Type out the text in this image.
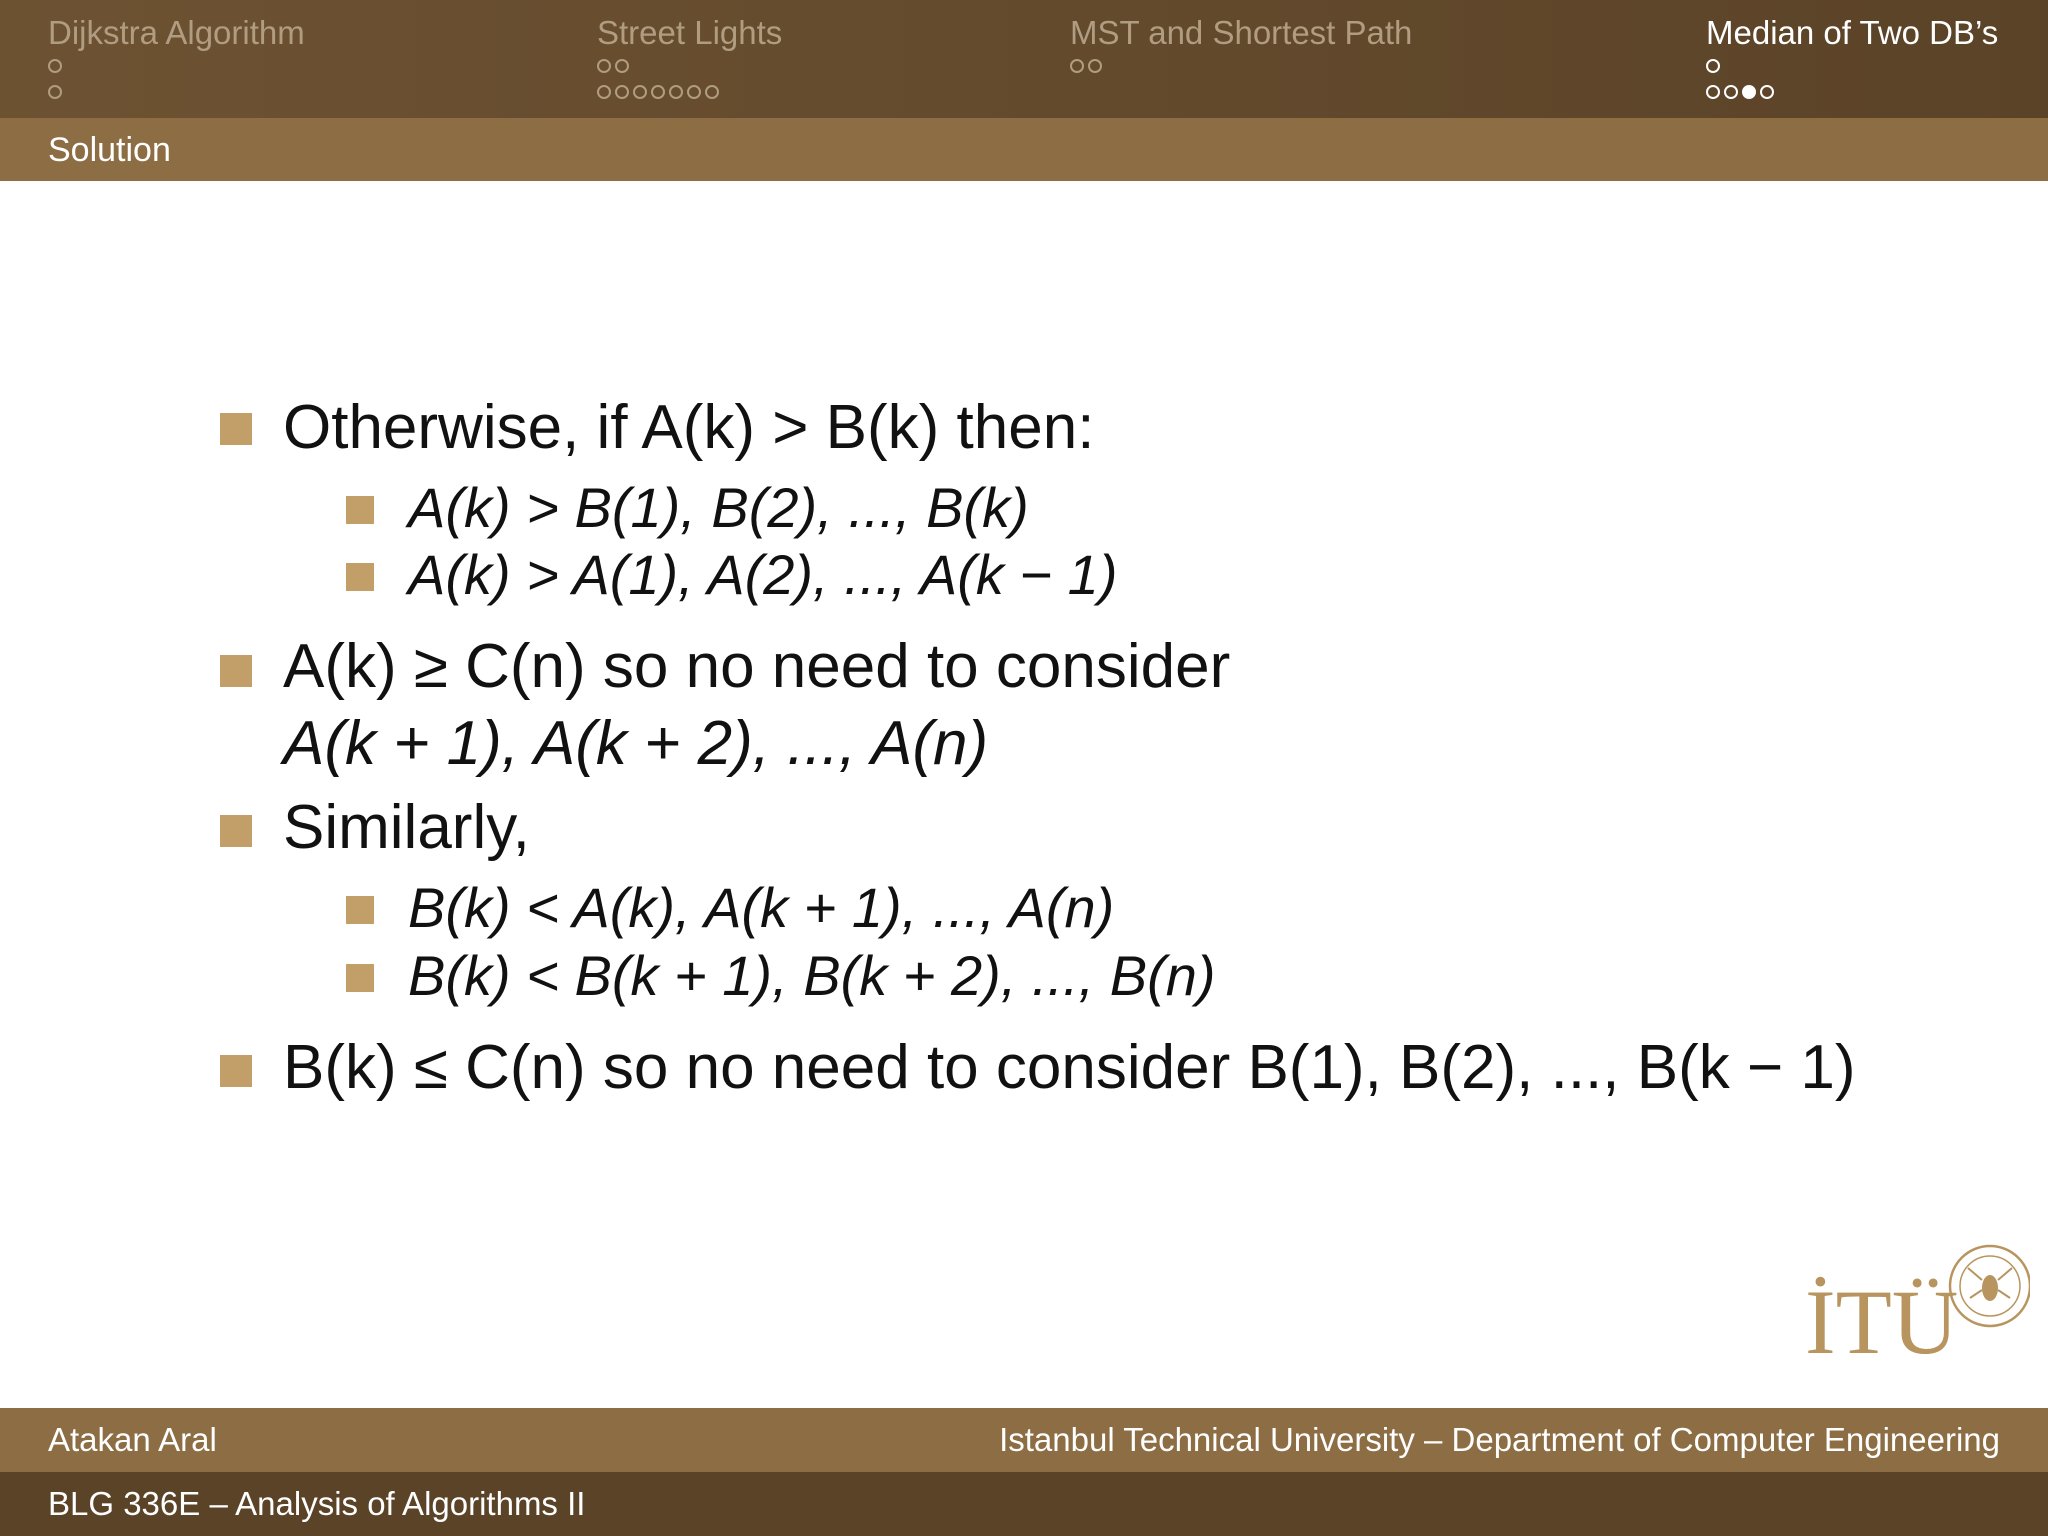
Dijkstra Algorithm	Street Lights	MST and Shortest Path	Median of Two DB’s
Solution
Otherwise, if A(k) > B(k) then:
A(k) > B(1), B(2), ..., B(k)
A(k) > A(1), A(2), ..., A(k − 1)
A(k) ≥ C(n) so no need to consider
A(k + 1), A(k + 2), ..., A(n)
Similarly,
B(k) < A(k), A(k + 1), ..., A(n)
B(k) < B(k + 1), B(k + 2), ..., B(n)
B(k) ≤ C(n) so no need to consider B(1), B(2), ..., B(k − 1)
İTÜ
Atakan Aral	Istanbul Technical University – Department of Computer Engineering
BLG 336E – Analysis of Algorithms II
